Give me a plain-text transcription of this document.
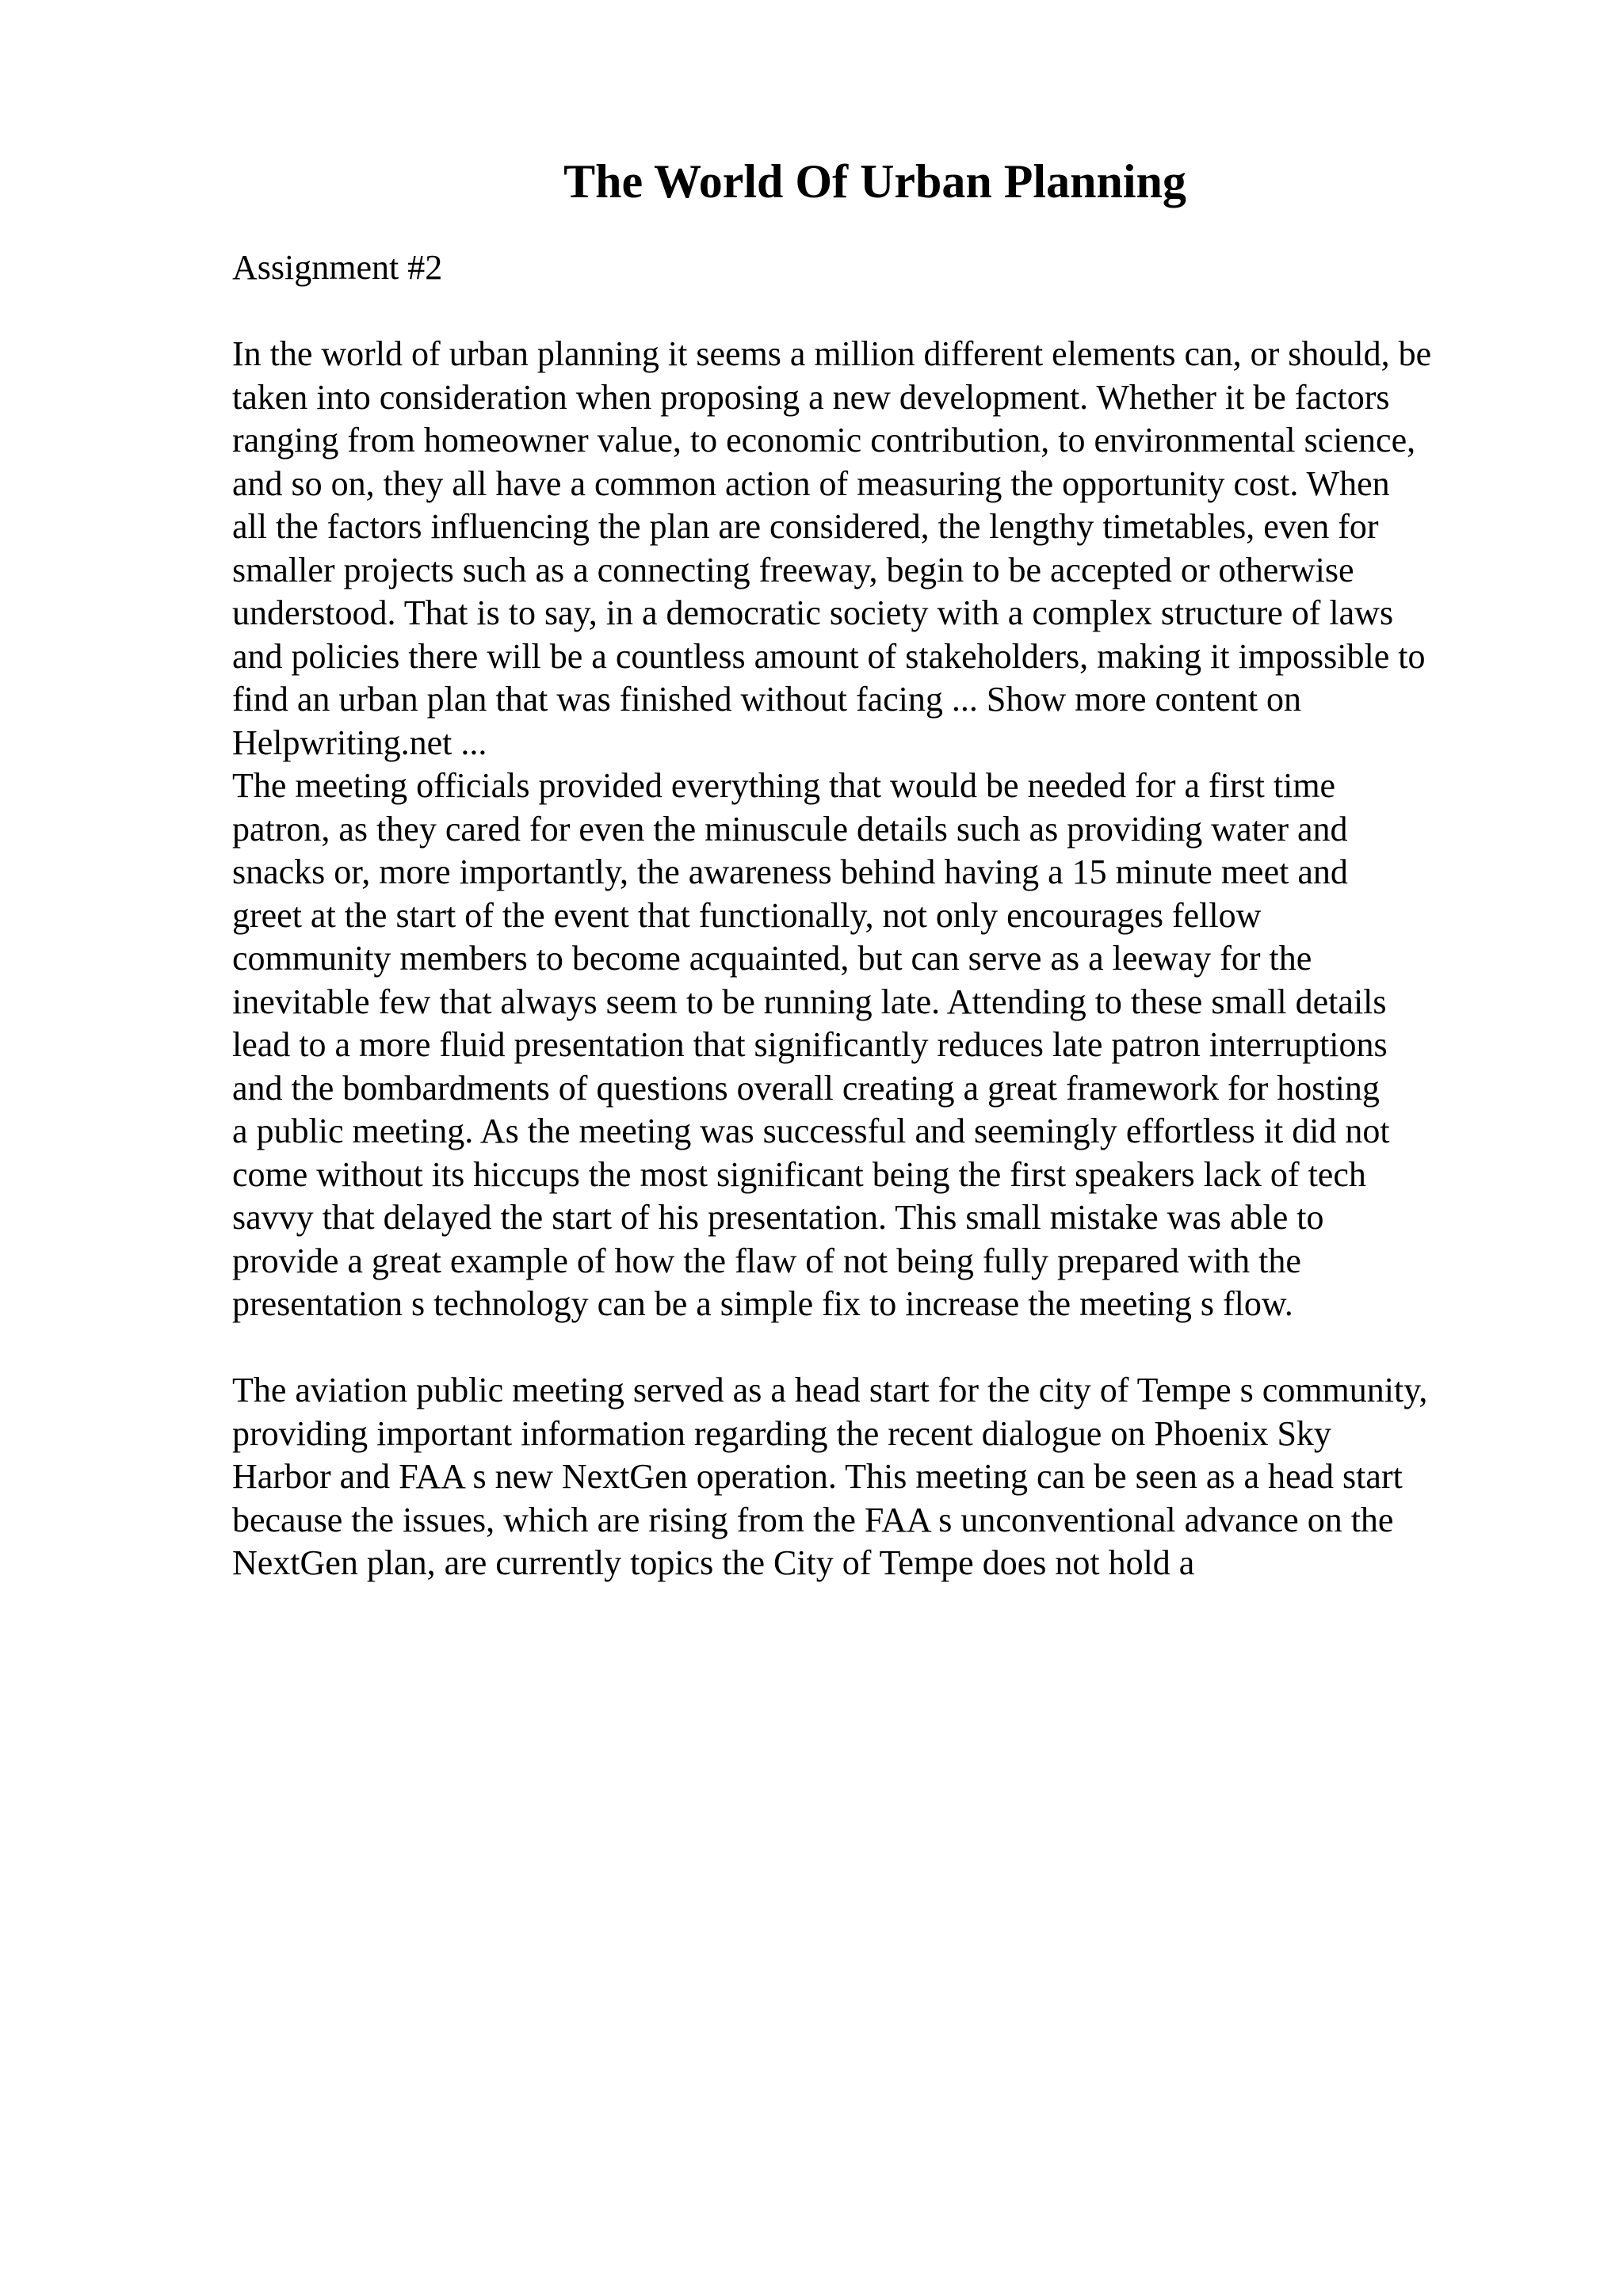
The World Of Urban Planning

Assignment #2

In the world of urban planning it seems a million different elements can, or should, be
taken into consideration when proposing a new development. Whether it be factors
ranging from homeowner value, to economic contribution, to environmental science,
and so on, they all have a common action of measuring the opportunity cost. When
all the factors influencing the plan are considered, the lengthy timetables, even for
smaller projects such as a connecting freeway, begin to be accepted or otherwise
understood. That is to say, in a democratic society with a complex structure of laws
and policies there will be a countless amount of stakeholders, making it impossible to
find an urban plan that was finished without facing ... Show more content on
Helpwriting.net ...
The meeting officials provided everything that would be needed for a first time
patron, as they cared for even the minuscule details such as providing water and
snacks or, more importantly, the awareness behind having a 15 minute meet and
greet at the start of the event that functionally, not only encourages fellow
community members to become acquainted, but can serve as a leeway for the
inevitable few that always seem to be running late. Attending to these small details
lead to a more fluid presentation that significantly reduces late patron interruptions
and the bombardments of questions overall creating a great framework for hosting
a public meeting. As the meeting was successful and seemingly effortless it did not
come without its hiccups the most significant being the first speakers lack of tech
savvy that delayed the start of his presentation. This small mistake was able to
provide a great example of how the flaw of not being fully prepared with the
presentation s technology can be a simple fix to increase the meeting s flow.
The aviation public meeting served as a head start for the city of Tempe s community,
providing important information regarding the recent dialogue on Phoenix Sky
Harbor and FAA s new NextGen operation. This meeting can be seen as a head start
because the issues, which are rising from the FAA s unconventional advance on the
NextGen plan, are currently topics the City of Tempe does not hold a
